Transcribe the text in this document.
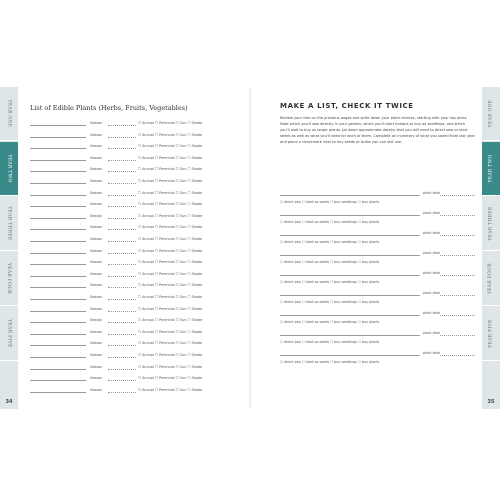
YEAR ONE
YEAR TWO
YEAR THREE
YEAR FOUR
YEAR FIVE
34
YEAR ONE
YEAR TWO
YEAR THREE
YEAR FOUR
YEAR FIVE
35
List of Edible Plants (Herbs, Fruits, Vegetables)
Season	☐ Annual ☐ Perennial ☐ Sun ☐ Shade
Season	☐ Annual ☐ Perennial ☐ Sun ☐ Shade
Season	☐ Annual ☐ Perennial ☐ Sun ☐ Shade
Season	☐ Annual ☐ Perennial ☐ Sun ☐ Shade
Season	☐ Annual ☐ Perennial ☐ Sun ☐ Shade
Season	☐ Annual ☐ Perennial ☐ Sun ☐ Shade
Season	☐ Annual ☐ Perennial ☐ Sun ☐ Shade
Season	☐ Annual ☐ Perennial ☐ Sun ☐ Shade
Season	☐ Annual ☐ Perennial ☐ Sun ☐ Shade
Season	☐ Annual ☐ Perennial ☐ Sun ☐ Shade
Season	☐ Annual ☐ Perennial ☐ Sun ☐ Shade
Season	☐ Annual ☐ Perennial ☐ Sun ☐ Shade
Season	☐ Annual ☐ Perennial ☐ Sun ☐ Shade
Season	☐ Annual ☐ Perennial ☐ Sun ☐ Shade
Season	☐ Annual ☐ Perennial ☐ Sun ☐ Shade
Season	☐ Annual ☐ Perennial ☐ Sun ☐ Shade
Season	☐ Annual ☐ Perennial ☐ Sun ☐ Shade
Season	☐ Annual ☐ Perennial ☐ Sun ☐ Shade
Season	☐ Annual ☐ Perennial ☐ Sun ☐ Shade
Season	☐ Annual ☐ Perennial ☐ Sun ☐ Shade
Season	☐ Annual ☐ Perennial ☐ Sun ☐ Shade
Season	☐ Annual ☐ Perennial ☐ Sun ☐ Shade
Season	☐ Annual ☐ Perennial ☐ Sun ☐ Shade
Season	☐ Annual ☐ Perennial ☐ Sun ☐ Shade
MAKE A LIST, CHECK IT TWICE
Review your lists on the previous pages and write down your plant choices, starting with your top picks. Note which you'll sow directly in your garden, which you'll start indoors or buy as seedlings, and which you'll wait to buy as larger plants. Jot down approximate date(s) that you will need to direct sow or start seeds as well as what you'll need for each of them. Complete an inventory of what you saved from last year and place a checkmark next to any seeds or bulbs you can still use.
plant date
☐ direct sow ☐ start as seeds ☐ buy seedlings ☐ buy plants
plant date
☐ direct sow ☐ start as seeds ☐ buy seedlings ☐ buy plants
plant date
☐ direct sow ☐ start as seeds ☐ buy seedlings ☐ buy plants
plant date
☐ direct sow ☐ start as seeds ☐ buy seedlings ☐ buy plants
plant date
☐ direct sow ☐ start as seeds ☐ buy seedlings ☐ buy plants
plant date
☐ direct sow ☐ start as seeds ☐ buy seedlings ☐ buy plants
plant date
☐ direct sow ☐ start as seeds ☐ buy seedlings ☐ buy plants
plant date
☐ direct sow ☐ start as seeds ☐ buy seedlings ☐ buy plants
plant date
☐ direct sow ☐ start as seeds ☐ buy seedlings ☐ buy plants
